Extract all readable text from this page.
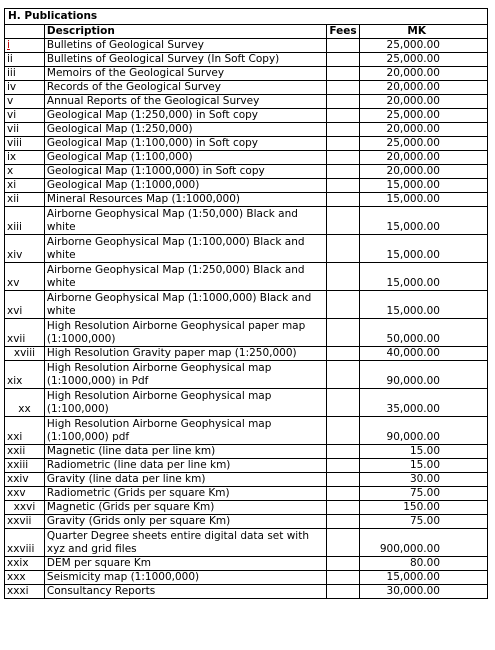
H. Publications			
	Description	Fees	MK
i	Bulletins of Geological Survey		25,000.00
ii	Bulletins of Geological Survey (In Soft Copy)		25,000.00
iii	Memoirs of the Geological Survey		20,000.00
iv	Records of the Geological Survey		20,000.00
v	Annual Reports of the Geological Survey		20,000.00
vi	Geological Map (1:250,000) in Soft copy		25,000.00
vii	Geological Map (1:250,000)		20,000.00
viii	Geological Map (1:100,000) in Soft copy		25,000.00
ix	Geological Map (1:100,000)		20,000.00
x	Geological Map (1:1000,000) in Soft copy		20,000.00
xi	Geological Map (1:1000,000)		15,000.00
xii	Mineral Resources Map (1:1000,000)		15,000.00
xiii	Airborne Geophysical Map (1:50,000) Black and white		15,000.00
xiv	Airborne Geophysical Map (1:100,000) Black and white		15,000.00
xv	Airborne Geophysical Map (1:250,000) Black and white		15,000.00
xvi	Airborne Geophysical Map (1:1000,000) Black and white		15,000.00
xvii	High Resolution Airborne Geophysical paper map (1:1000,000)		50,000.00
xviii	High Resolution Gravity paper map (1:250,000)		40,000.00
xix	High Resolution Airborne Geophysical map (1:1000,000) in Pdf		90,000.00
xx	High Resolution Airborne Geophysical map (1:100,000)		35,000.00
xxi	High Resolution Airborne Geophysical map (1:100,000) pdf		90,000.00
xxii	Magnetic (line data per line km)		15.00
xxiii	Radiometric (line data per line km)		15.00
xxiv	Gravity (line data per line km)		30.00
xxv	Radiometric (Grids per square Km)		75.00
xxvi	Magnetic (Grids per square Km)		150.00
xxvii	Gravity (Grids only per square Km)		75.00
xxviii	Quarter Degree sheets entire digital data set with xyz and grid files		900,000.00
xxix	DEM per square Km		80.00
xxx	Seismicity map (1:1000,000)		15,000.00
xxxi	Consultancy Reports		30,000.00
